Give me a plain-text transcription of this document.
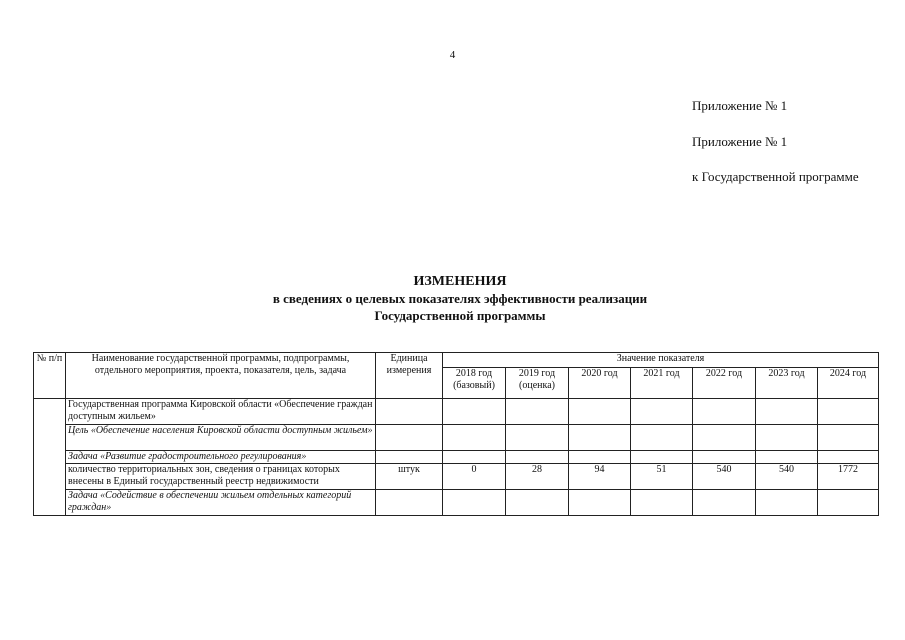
4
Приложение № 1
Приложение № 1
к Государственной программе
ИЗМЕНЕНИЯ
в сведениях о целевых показателях эффективности реализации
Государственной программы
№ п/п	Наименование государственной программы, подпрограммы, отдельного мероприятия, проекта, показателя, цель, задача	Единица измерения	Значение показателя						
			2018 год (базовый)	2019 год (оценка)	2020 год	2021 год	2022 год	2023 год	2024 год
	Государственная программа Кировской области «Обеспечение граждан доступным жильем»								
	Цель «Обеспечение населения Кировской области доступным жильем»								
	Задача «Развитие градостроительного регулирования»								
	количество территориальных зон, сведения о границах которых внесены в Единый государственный реестр недвижимости	штук	0	28	94	51	540	540	1772
	Задача «Содействие в обеспечении жильем отдельных категорий граждан»								
